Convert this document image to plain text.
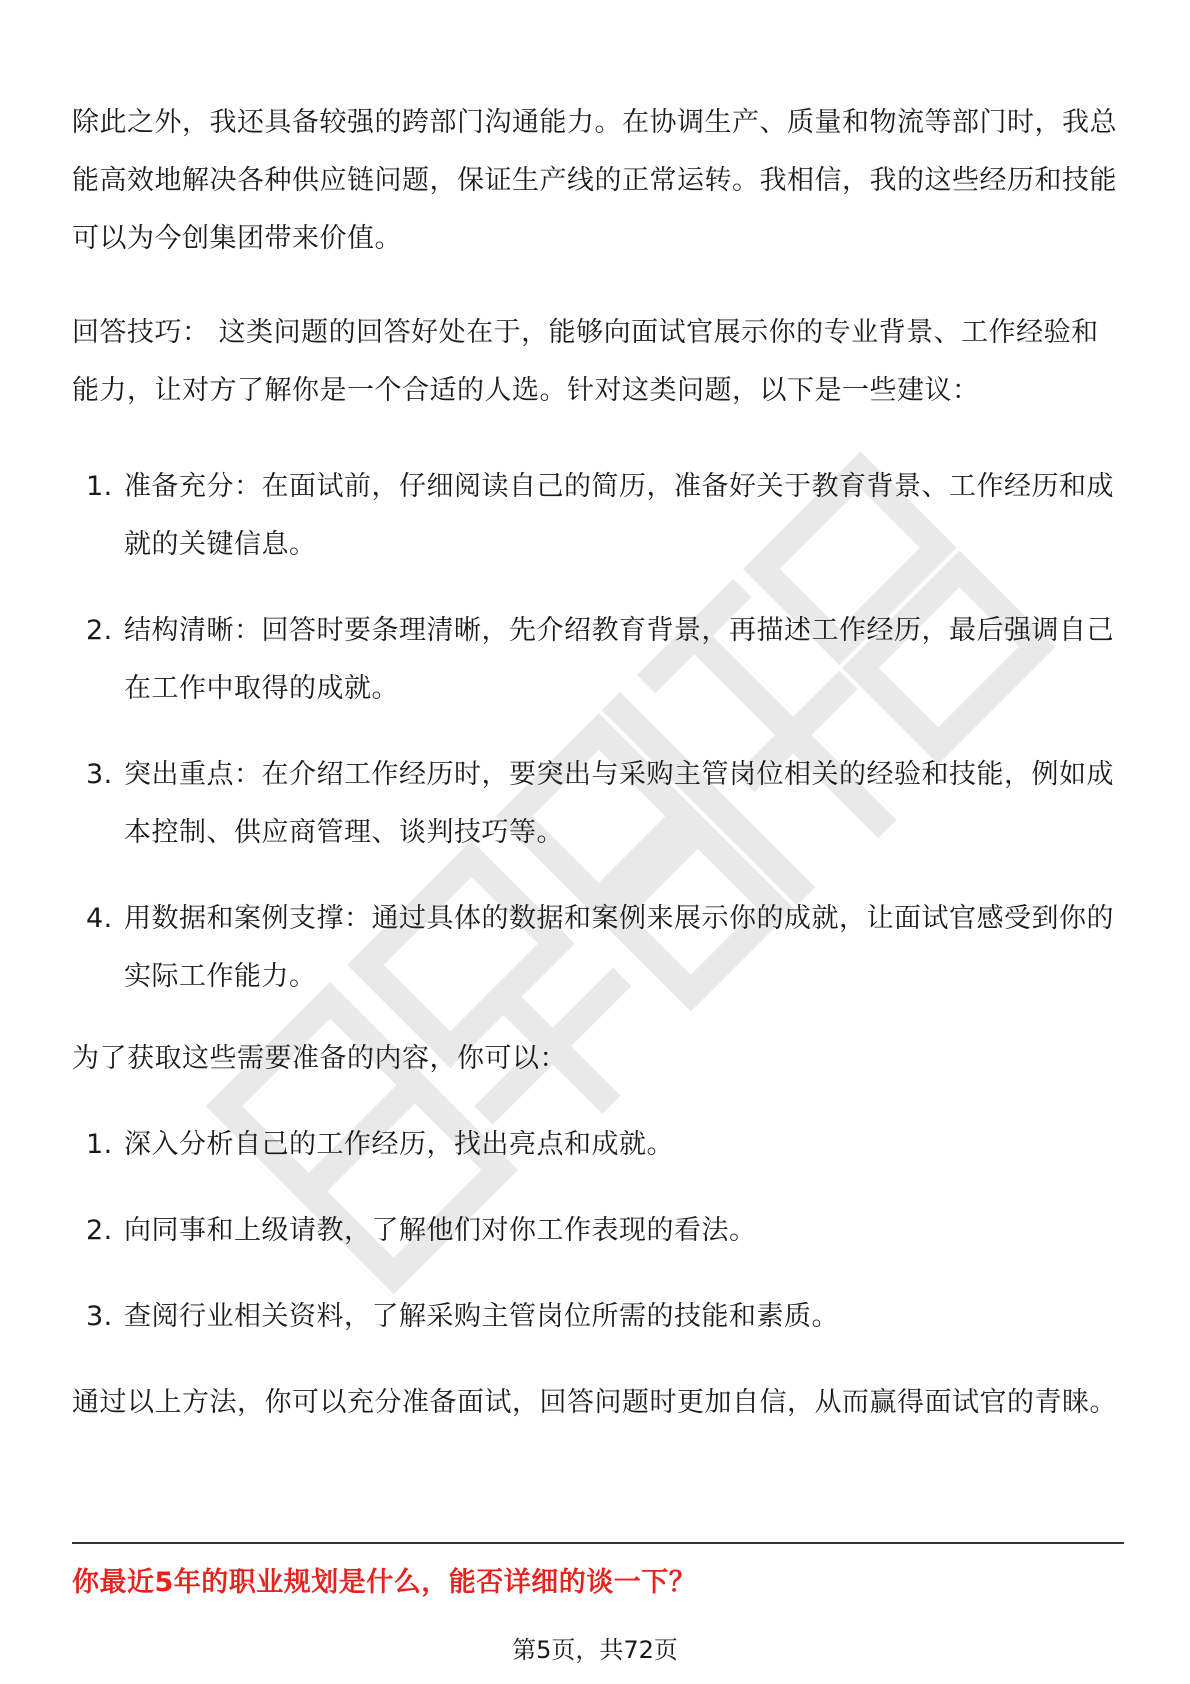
除此之外，我还具备较强的跨部门沟通能力。在协调生产、质量和物流等部门时，我总能高效地解决各种供应链问题，保证生产线的正常运转。我相信，我的这些经历和技能可以为今创集团带来价值。

回答技巧： 这类问题的回答好处在于，能够向面试官展示你的专业背景、工作经验和能力，让对方了解你是一个合适的人选。针对这类问题，以下是一些建议：

1. 准备充分：在面试前，仔细阅读自己的简历，准备好关于教育背景、工作经历和成就的关键信息。
2. 结构清晰：回答时要条理清晰，先介绍教育背景，再描述工作经历，最后强调自己在工作中取得的成就。
3. 突出重点：在介绍工作经历时，要突出与采购主管岗位相关的经验和技能，例如成本控制、供应商管理、谈判技巧等。
4. 用数据和案例支撑：通过具体的数据和案例来展示你的成就，让面试官感受到你的实际工作能力。

为了获取这些需要准备的内容，你可以：

1. 深入分析自己的工作经历，找出亮点和成就。
2. 向同事和上级请教，了解他们对你工作表现的看法。
3. 查阅行业相关资料，了解采购主管岗位所需的技能和素质。

通过以上方法，你可以充分准备面试，回答问题时更加自信，从而赢得面试官的青睐。

你最近5年的职业规划是什么，能否详细的谈一下？
第5页，共72页
